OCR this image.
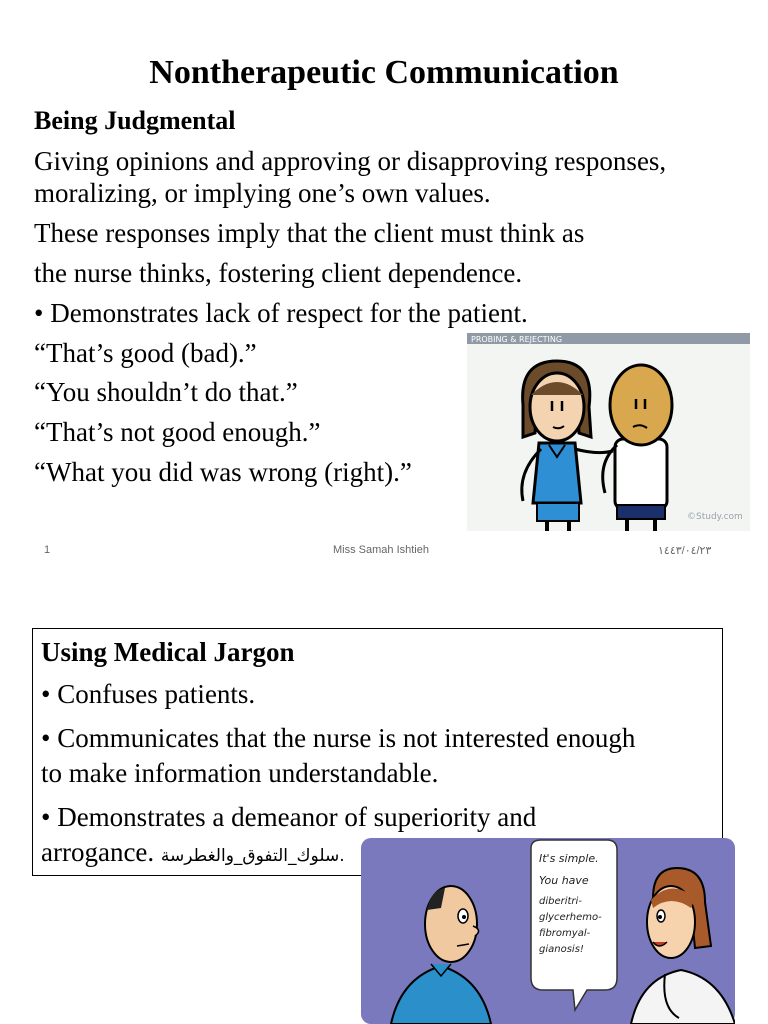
Nontherapeutic Communication
Being Judgmental
Giving opinions and approving or disapproving responses,
moralizing, or implying one’s own values.
These responses imply that the client must think as
the nurse thinks, fostering client dependence.
• Demonstrates lack of respect for the patient.
“That’s good (bad).”
“You shouldn’t do that.”
“That’s not good enough.”
“What you did was wrong (right).”
PROBING & REJECTING
©Study.com
1	Miss Samah Ishtieh	١٤٤٣/٠٤/٢٣
Using Medical Jargon
• Confuses patients.
• Communicates that the nurse is not interested enough
to make information understandable.
• Demonstrates a demeanor of superiority and
arrogance. سلوك_التفوق_والغطرسة.	It's simple.
You have
diberitri-
glycerhemo-
fibromyal-
gianosis!
